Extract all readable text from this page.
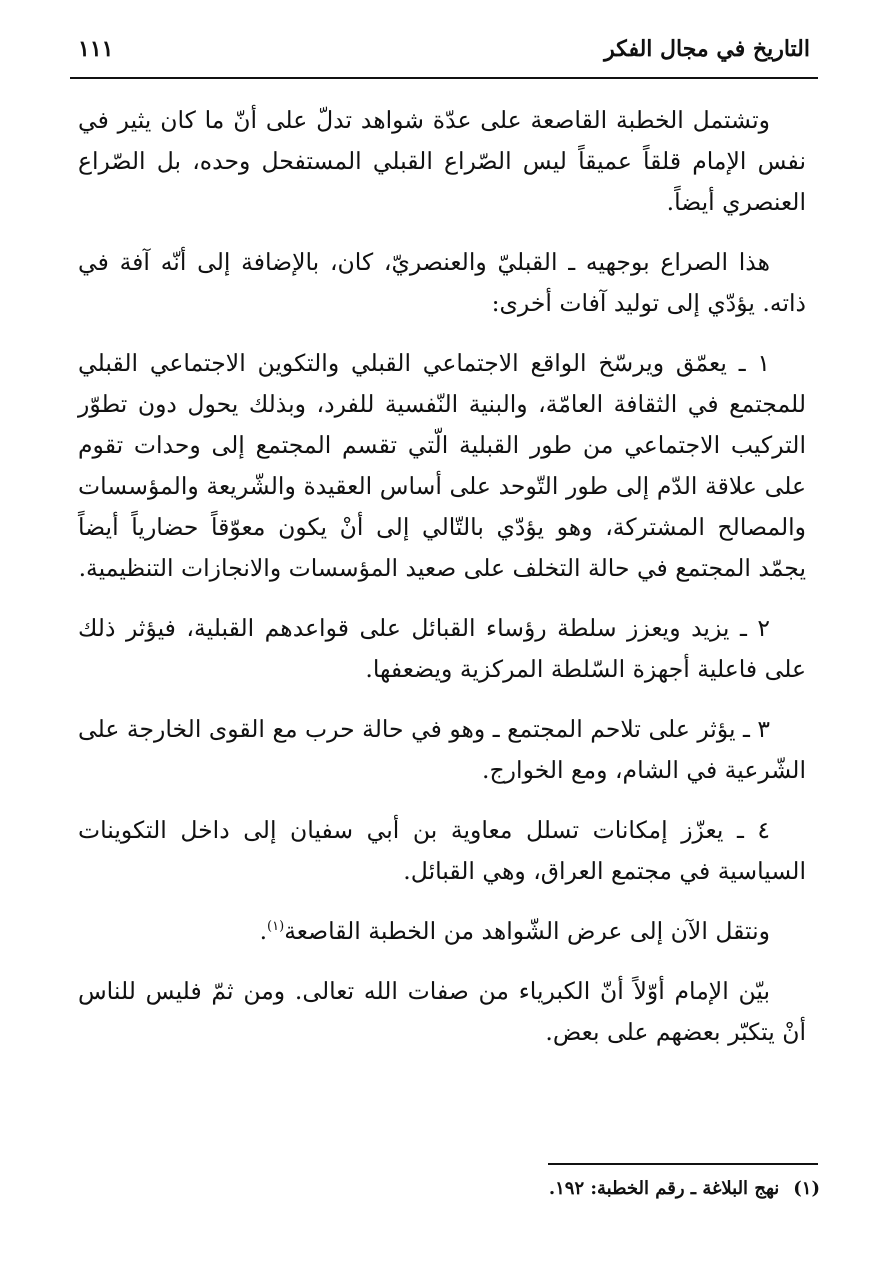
التاريخ في مجال الفكر
١١١

وتشتمل الخطبة القاصعة على عدّة شواهد تدلّ على أنّ ما كان يثير في نفس الإمام قلقاً عميقاً ليس الصّراع القبلي المستفحل وحده، بل الصّراع العنصري أيضاً.

هذا الصراع بوجهيه ـ القبليّ والعنصريّ، كان، بالإضافة إلى أنّه آفة في ذاته. يؤدّي إلى توليد آفات أخرى:

١ ـ يعمّق ويرسّخ الواقع الاجتماعي القبلي والتكوين الاجتماعي القبلي للمجتمع في الثقافة العامّة، والبنية النّفسية للفرد، وبذلك يحول دون تطوّر التركيب الاجتماعي من طور القبلية الّتي تقسم المجتمع إلى وحدات تقوم على علاقة الدّم إلى طور التّوحد على أساس العقيدة والشّريعة والمؤسسات والمصالح المشتركة، وهو يؤدّي بالتّالي إلى أنْ يكون معوّقاً حضارياً أيضاً يجمّد المجتمع في حالة التخلف على صعيد المؤسسات والانجازات التنظيمية.

٢ ـ يزيد ويعزز سلطة رؤساء القبائل على قواعدهم القبلية، فيؤثر ذلك على فاعلية أجهزة السّلطة المركزية ويضعفها.

٣ ـ يؤثر على تلاحم المجتمع ـ وهو في حالة حرب مع القوى الخارجة على الشّرعية في الشام، ومع الخوارج.

٤ ـ يعزّز إمكانات تسلل معاوية بن أبي سفيان إلى داخل التكوينات السياسية في مجتمع العراق، وهي القبائل.

ونتقل الآن إلى عرض الشّواهد من الخطبة القاصعة$^{(١)}$.

بيّن الإمام أوّلاً أنّ الكبرياء من صفات الله تعالى. ومن ثمّ فليس للناس أنْ يتكبّر بعضهم على بعض.

(١)نهج البلاغة ـ رقم الخطبة: ١٩٢.
